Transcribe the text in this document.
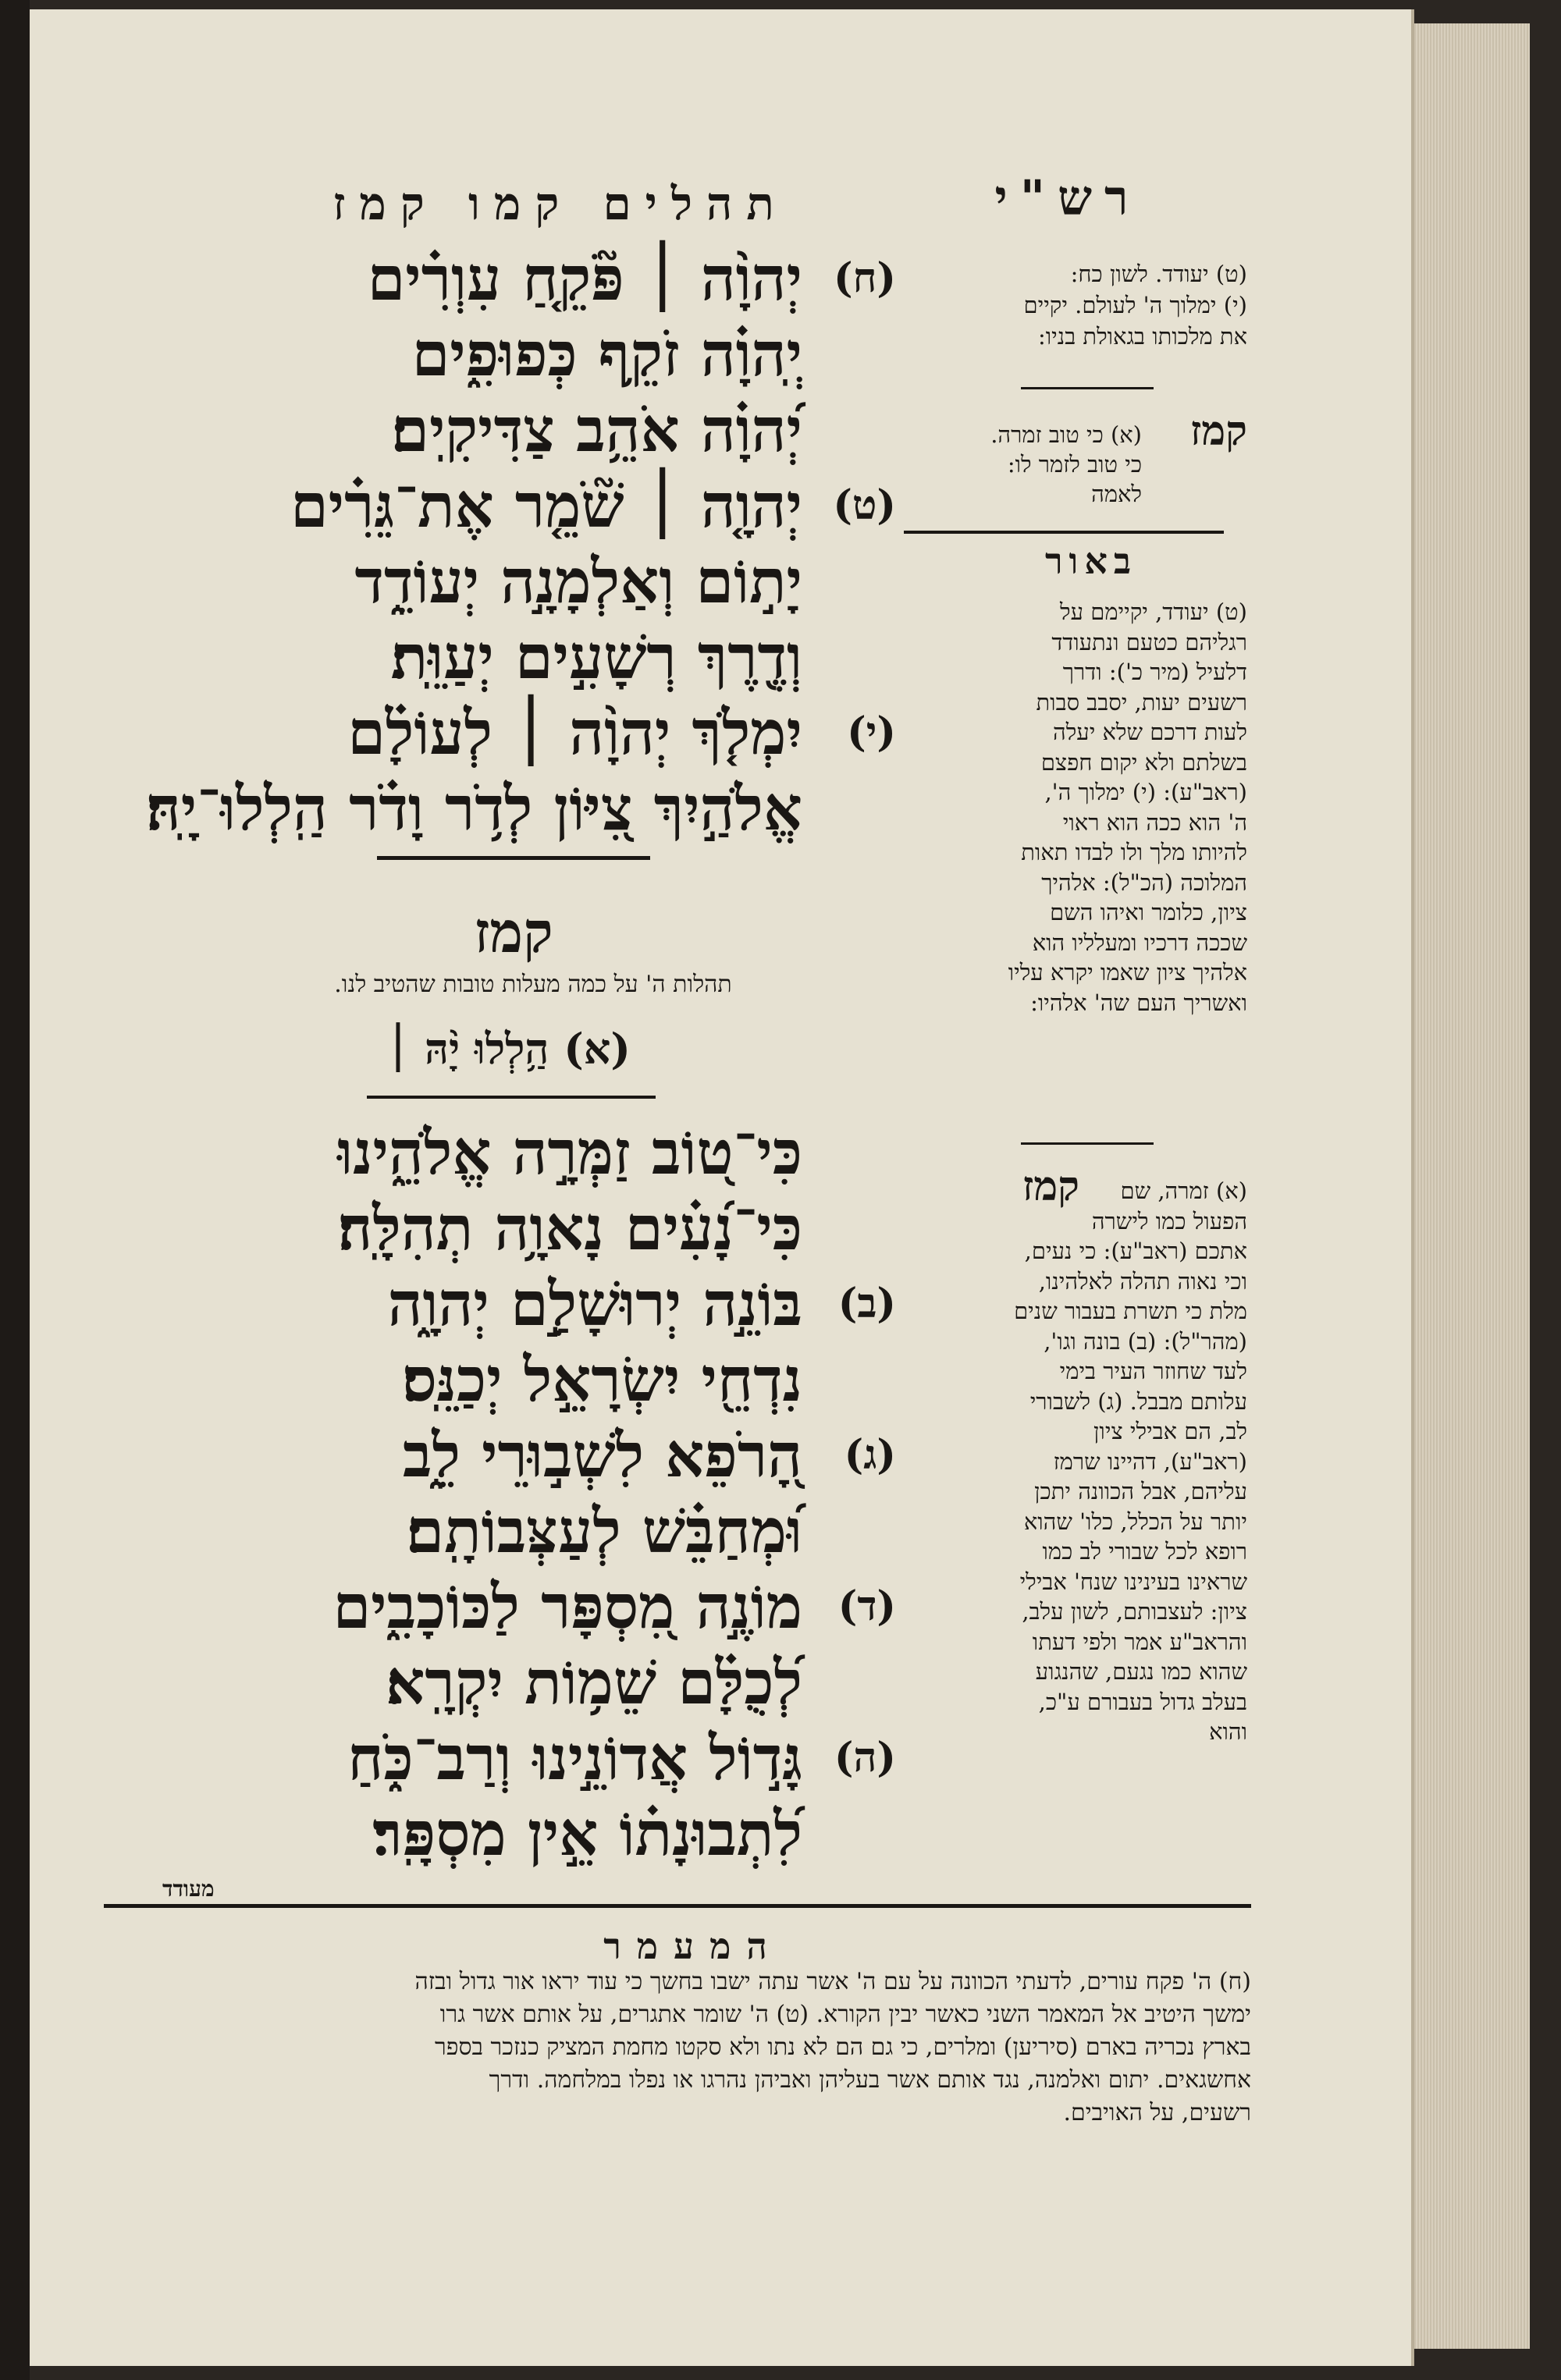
תהלים קמו קמז
יְהוָ֨ה ׀ פֹּ֘קֵ֤חַ עִוְרִ֗ים (ח)
יְֽהוָ֗ה זֹקֵ֥ף כְּפוּפִ֑ים
יְ֝הוָ֗ה אֹהֵ֥ב צַדִּיקִֽים׃
יְהוָ֤ה ׀ שֹׁ֘מֵ֤ר אֶת־גֵּרִ֗ים (ט)
יָת֣וֹם וְאַלְמָנָ֣ה יְעוֹדֵ֑ד
וְדֶ֖רֶךְ רְשָׁעִ֣ים יְעַוֵּֽת׃
יִמְלֹ֤ךְ יְהוָ֨ה ׀ לְעוֹלָ֗ם (י)
אֱלֹהַ֣יִךְ צִ֭יּוֹן לְדֹ֥ר וָדֹ֗ר הַֽלְלוּ־יָֽהּ׃
קמז
תהלות ה' על כמה מעלות טובות שהטיב לנו.
(א) הַ֥לְלוּ יָ֨הּ ׀
כִּי־ט֭וֹב זַמְּרָ֣ה אֱלֹהֵ֑ינוּ
כִּי־נָ֝עִ֗ים נָאוָ֥ה תְהִלָּֽה׃
בּוֹנֵ֣ה יְרוּשָׁלַ֣͏ִם יְהוָ֑ה (ב)
נִדְחֵ֖י יִשְׂרָאֵ֣ל יְכַנֵּֽס׃
הָ֭רֹפֵא לִשְׁב֣וּרֵי לֵ֑ב (ג)
וּ֝מְחַבֵּ֗שׁ לְעַצְּבוֹתָֽם׃
מוֹנֶ֣ה מִ֭סְפָּר לַכּוֹכָבִ֑ים (ד)
לְ֝כֻלָּ֗ם שֵׁמ֥וֹת יִקְרָֽא׃
גָּד֣וֹל אֲדוֹנֵ֣ינוּ וְרַב־כֹּ֑חַ (ה)
לִ֝תְבוּנָת֗וֹ אֵ֣ין מִסְפָּֽר׃
רש"י
(ט) יעודד. לשון כח:
(י) ימלוך ה' לעולם. יקיים
את מלכותו בגאולת בניו:
קמז
(א) כי טוב זמרה.
כי טוב לזמר לו:
לאמה
באור
(ט) יעודד, יקיימם על
רגליהם כטעם ונתעודד
דלעיל (מיר כ'): ודרך
רשעים יעות, יסבב סבות
לעות דרכם שלא יעלה
בשלתם ולא יקום חפצם
(ראב"ע): (י) ימלוך ה',
ה' הוא ככה הוא ראוי
להיותו מלך ולו לבדו תאות
המלוכה (הכ"ל): אלהיך
ציון, כלומר ואיהו השם
שככה דרכיו ומעלליו הוא
אלהיך ציון שאמו יקרא עליו
ואשריך העם שה' אלהיו:
קמז (א) זמרה, שם
הפעול כמו לישרה
אתכם (ראב"ע): כי נעים,
וכי נאוה תהלה לאלהינו,
מלת כי תשרת בעבור שנים
(מהר"ל): (ב) בונה וגו',
לעד שחוזר העיר בימי
עלותם מבבל. (ג) לשבורי
לב, הם אבילי ציון
(ראב"ע), דהיינו שרמז
עליהם, אבל הכוונה יתכן
יותר על הכלל, כלו' שהוא
רופא לכל שבורי לב כמו
שראינו בעינינו שנח' אבילי
ציון: לעצבותם, לשון עלב,
והראב"ע אמר ולפי דעתו
שהוא כמו נגעם, שהנגוע
בעלב גדול בעבורם ע"כ,
והוא
מעודד
המעמר
(ח) ה' פקח עורים, לדעתי הכוונה על עם ה' אשר עתה ישבו בחשך כי עוד יראו אור גדול ובזה
ימשך היטיב אל המאמר השני כאשר יבין הקורא. (ט) ה' שומר אתגרים, על אותם אשר גרו
בארץ נכריה בארם (סיריען) ומלרים, כי גם הם לא נתו ולא סקטו מחמת המציק כנזכר בספר
אחשגאים. יתום ואלמנה, נגד אותם אשר בעליהן ואביהן נהרגו או נפלו במלחמה. ודרך
רשעים, על האויבים.
